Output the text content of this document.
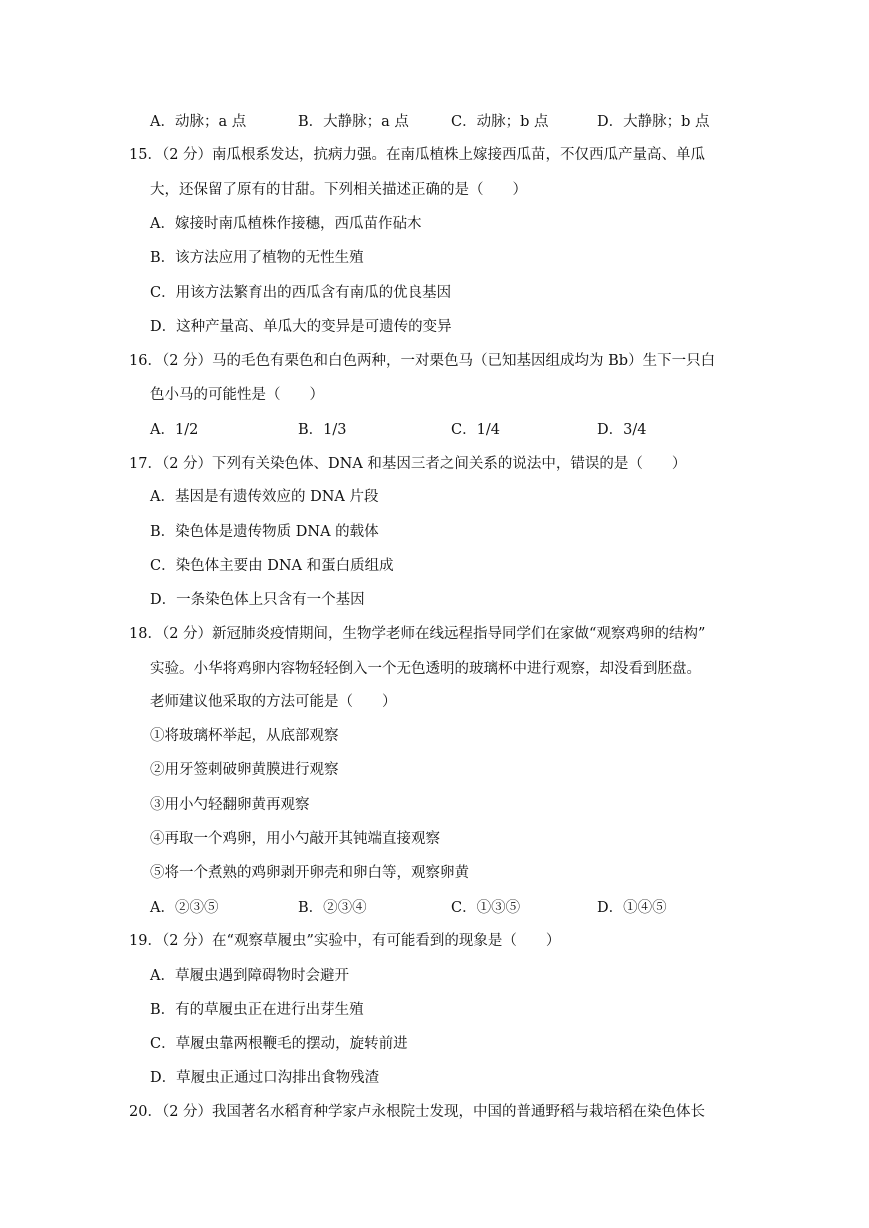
A．动脉；a 点	B．大静脉；a 点	C．动脉；b 点	D．大静脉；b 点
15．（2 分）南瓜根系发达，抗病力强。在南瓜植株上嫁接西瓜苗，不仅西瓜产量高、单瓜
大，还保留了原有的甘甜。下列相关描述正确的是（　　）
A．嫁接时南瓜植株作接穗，西瓜苗作砧木
B．该方法应用了植物的无性生殖
C．用该方法繁育出的西瓜含有南瓜的优良基因
D．这种产量高、单瓜大的变异是可遗传的变异
16．（2 分）马的毛色有栗色和白色两种，一对栗色马（已知基因组成均为 Bb）生下一只白
色小马的可能性是（　　）
A．1/2	B．1/3	C．1/4	D．3/4
17．（2 分）下列有关染色体、DNA 和基因三者之间关系的说法中，错误的是（　　）
A．基因是有遗传效应的 DNA 片段
B．染色体是遗传物质 DNA 的载体
C．染色体主要由 DNA 和蛋白质组成
D．一条染色体上只含有一个基因
18．（2 分）新冠肺炎疫情期间，生物学老师在线远程指导同学们在家做“观察鸡卵的结构”
实验。小华将鸡卵内容物轻轻倒入一个无色透明的玻璃杯中进行观察，却没看到胚盘。
老师建议他采取的方法可能是（　　）
①将玻璃杯举起，从底部观察
②用牙签刺破卵黄膜进行观察
③用小勺轻翻卵黄再观察
④再取一个鸡卵，用小勺敲开其钝端直接观察
⑤将一个煮熟的鸡卵剥开卵壳和卵白等，观察卵黄
A．②③⑤	B．②③④	C．①③⑤	D．①④⑤
19．（2 分）在“观察草履虫”实验中，有可能看到的现象是（　　）
A．草履虫遇到障碍物时会避开
B．有的草履虫正在进行出芽生殖
C．草履虫靠两根鞭毛的摆动，旋转前进
D．草履虫正通过口沟排出食物残渣
20．（2 分）我国著名水稻育种学家卢永根院士发现，中国的普通野稻与栽培稻在染色体长
